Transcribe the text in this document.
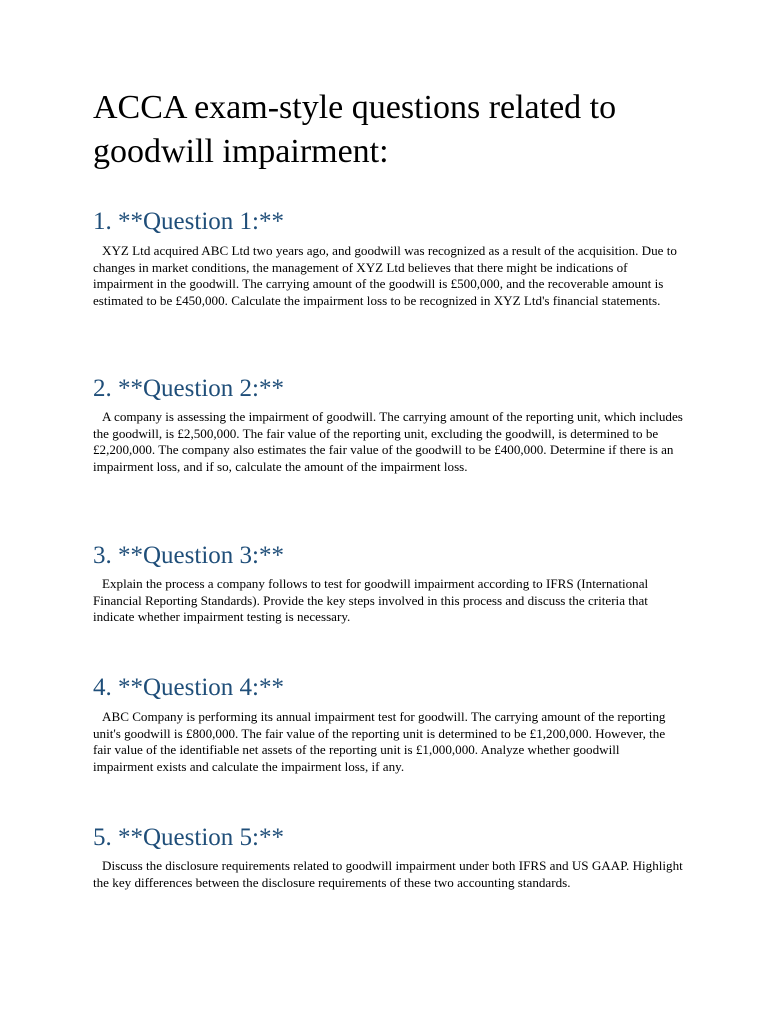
ACCA exam-style questions related to goodwill impairment:
1. **Question 1:**

XYZ Ltd acquired ABC Ltd two years ago, and goodwill was recognized as a result of the acquisition. Due to changes in market conditions, the management of XYZ Ltd believes that there might be indications of impairment in the goodwill. The carrying amount of the goodwill is £500,000, and the recoverable amount is estimated to be £450,000. Calculate the impairment loss to be recognized in XYZ Ltd's financial statements.

2. **Question 2:**

A company is assessing the impairment of goodwill. The carrying amount of the reporting unit, which includes the goodwill, is £2,500,000. The fair value of the reporting unit, excluding the goodwill, is determined to be £2,200,000. The company also estimates the fair value of the goodwill to be £400,000. Determine if there is an impairment loss, and if so, calculate the amount of the impairment loss.

3. **Question 3:**

Explain the process a company follows to test for goodwill impairment according to IFRS (International Financial Reporting Standards). Provide the key steps involved in this process and discuss the criteria that indicate whether impairment testing is necessary.

4. **Question 4:**

ABC Company is performing its annual impairment test for goodwill. The carrying amount of the reporting unit's goodwill is £800,000. The fair value of the reporting unit is determined to be £1,200,000. However, the fair value of the identifiable net assets of the reporting unit is £1,000,000. Analyze whether goodwill impairment exists and calculate the impairment loss, if any.

5. **Question 5:**

Discuss the disclosure requirements related to goodwill impairment under both IFRS and US GAAP. Highlight the key differences between the disclosure requirements of these two accounting standards.
